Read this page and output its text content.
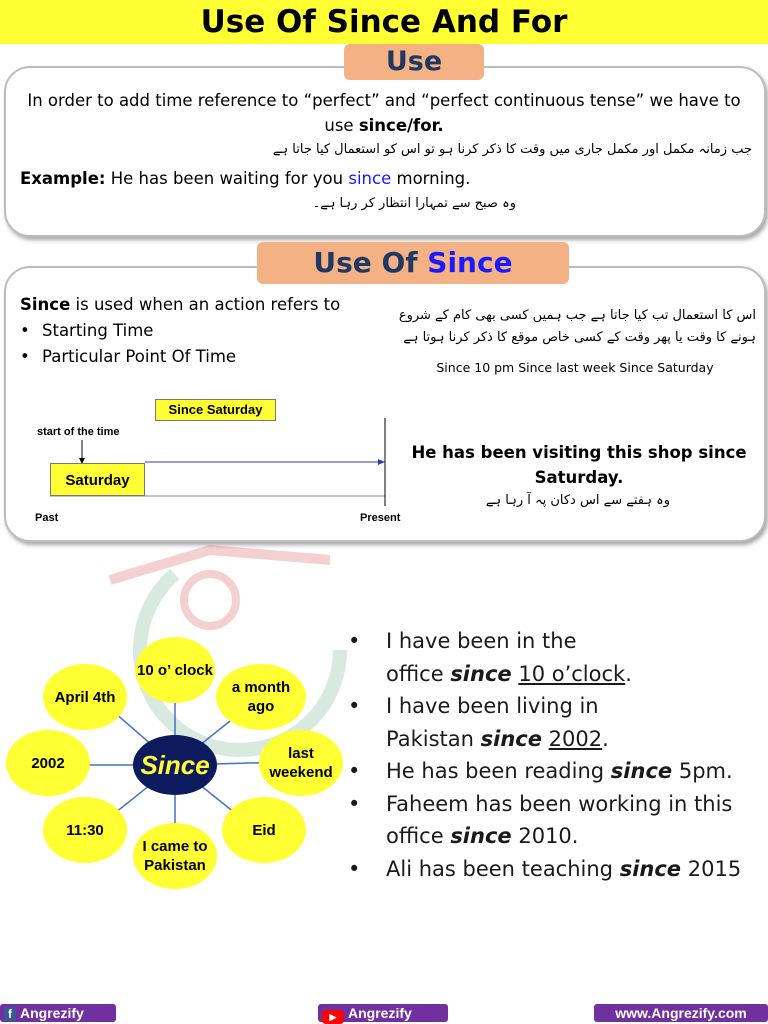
Use Of Since And For
Use
In order to add time reference to “perfect” and “perfect continuous tense” we have to use since/for.
جب زمانہ مکمل اور مکمل جاری میں وقت کا ذکر کرنا ہو تو اس کو استعمال کیا جاتا ہے
Example: He has been waiting for you since morning.
وہ صبح سے تمہارا انتظار کر رہا ہے۔
Use Of Since
Since is used when an action refers to
• Starting Time
• Particular Point Of Time
اس کا استعمال تب کیا جاتا ہے جب ہمیں کسی بھی کام کے شروع ہونے کا وقت یا پھر وقت کے کسی خاص موقع کا ذکر کرنا ہوتا ہے
Since 10 pm Since last week Since Saturday
Since Saturday
start of the time
Saturday
Past	Present
He has been visiting this shop since Saturday.
وہ ہفتے سے اس دکان پہ آ رہا ہے
Since
10 o’ clock
a month ago
last weekend
Eid
I came to Pakistan
11:30
2002
April 4th
•	I have been in the
office since 10 o’clock.
•	I have been living in
Pakistan since 2002.
•	He has been reading since 5pm.
•	Faheem has been working in this
office since 2010.
•	Ali has been teaching since 2015
f Angrezify	▶ Angrezify	www.Angrezify.com
